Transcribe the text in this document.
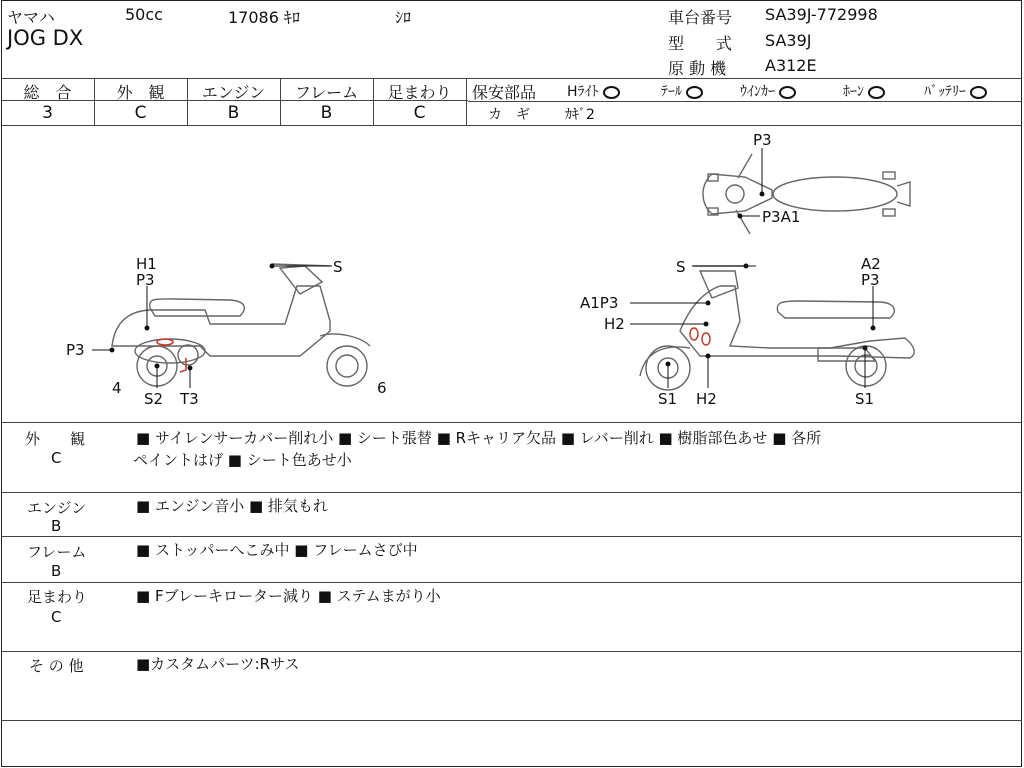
ヤマハ	50cc	17086 ｷﾛ	ｼﾛ
JOG DX
車台番号 SA39J-772998
型　　式 SA39J
原 動 機 A312E
総　合	外　観	エンジン	フレーム	足まわり
3	C	B	B	C
保安部品 Hﾗｲﾄ	ﾃｰﾙ	ｳｲﾝｶｰ	ﾎｰﾝ	ﾊﾞｯﾃﾘｰ
カ　ギ	ｶｷﾞ2
P3
P3A1
H1
P3
S
P3
4
S2 T3
6
S	A2
P3
A1P3
H2
S1 H2	S1
外　　観
C
■ サイレンサーカバー削れ小 ■ シート張替 ■ Rキャリア欠品 ■ レバー削れ ■ 樹脂部色あせ ■ 各所
ペイントはげ ■ シート色あせ小
エンジン
B
■ エンジン音小 ■ 排気もれ
フレーム
B
■ ストッパーへこみ中 ■ フレームさび中
足まわり
C
■ Fブレーキローター減り ■ ステムまがり小
そ の 他	■カスタムパーツ:Rサス
